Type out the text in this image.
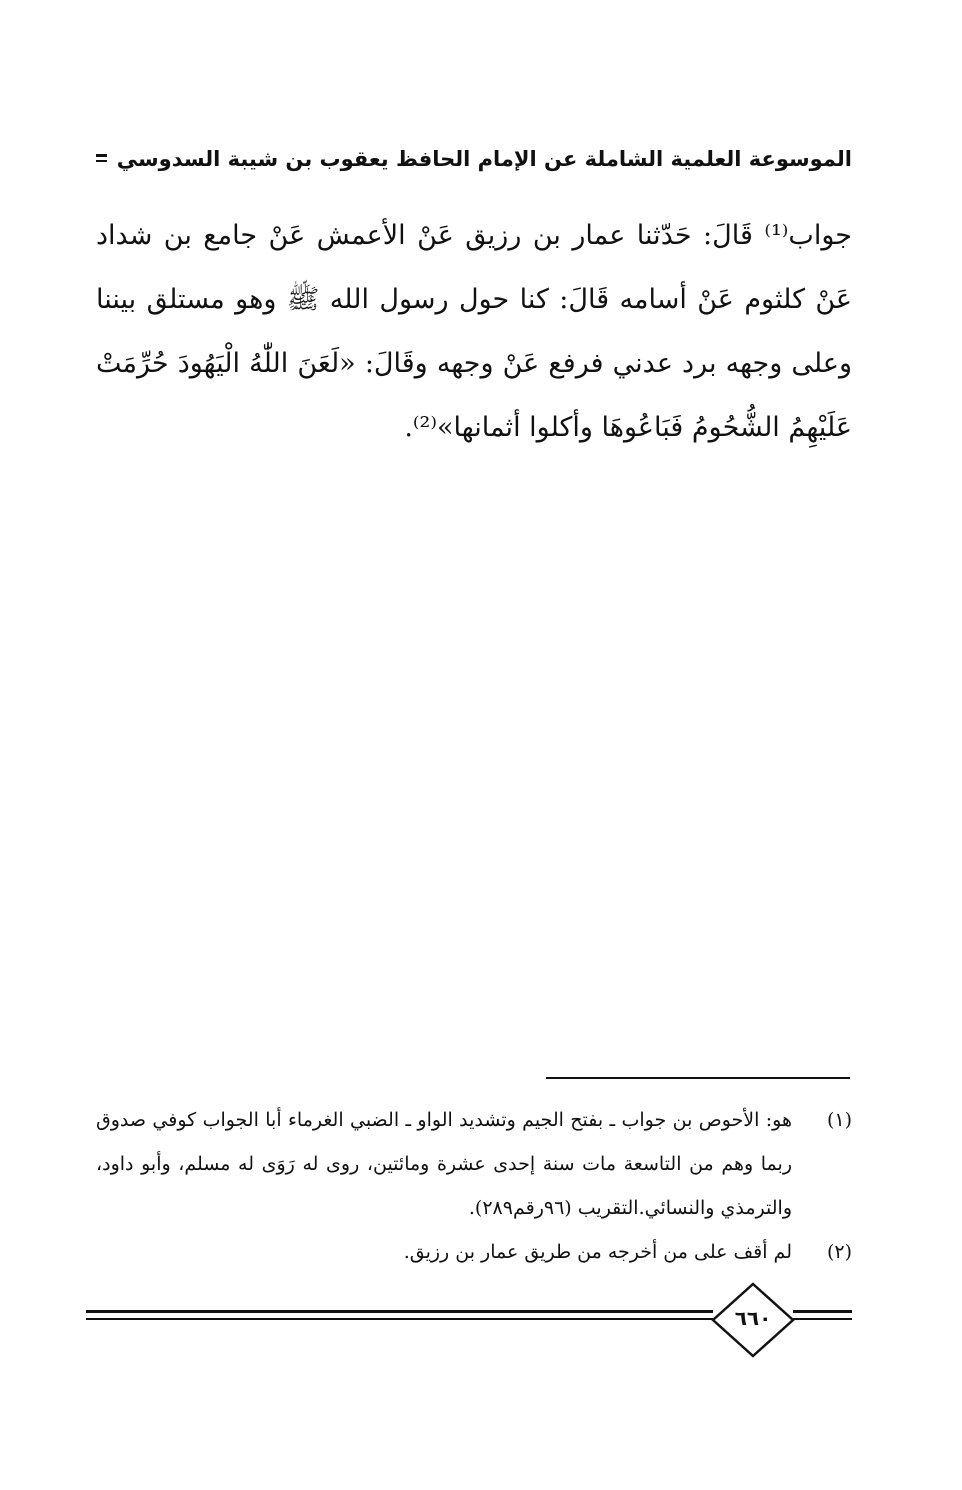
الموسوعة العلمية الشاملة عن الإمام الحافظ يعقوب بن شيبة السدوسي

جواب⁽¹⁾ قَالَ: حَدّثنا عمار بن رزيق عَنْ الأعمش عَنْ جامع بن شداد عَنْ كلثوم عَنْ أسامه قَالَ: كنا حول رسول الله ﷺ وهو مستلق بيننا وعلى وجهه برد عدني فرفع عَنْ وجهه وقَالَ: «لَعَنَ اللّٰهُ الْيَهُودَ حُرِّمَتْ عَلَيْهِمُ الشُّحُومُ فَبَاعُوهَا وأكلوا أثمانها»⁽²⁾.

(١)
هو: الأحوص بن جواب ـ بفتح الجيم وتشديد الواو ـ الضبي الغرماء أبا الجواب كوفي صدوق ربما وهم من التاسعة مات سنة إحدى عشرة ومائتين، روى له رَوَى له مسلم، وأبو داود، والترمذي والنسائي.التقريب (٩٦رقم٢٨٩).
(٢)
لم أقف على من أخرجه من طريق عمار بن رزيق.
٦٦٠
